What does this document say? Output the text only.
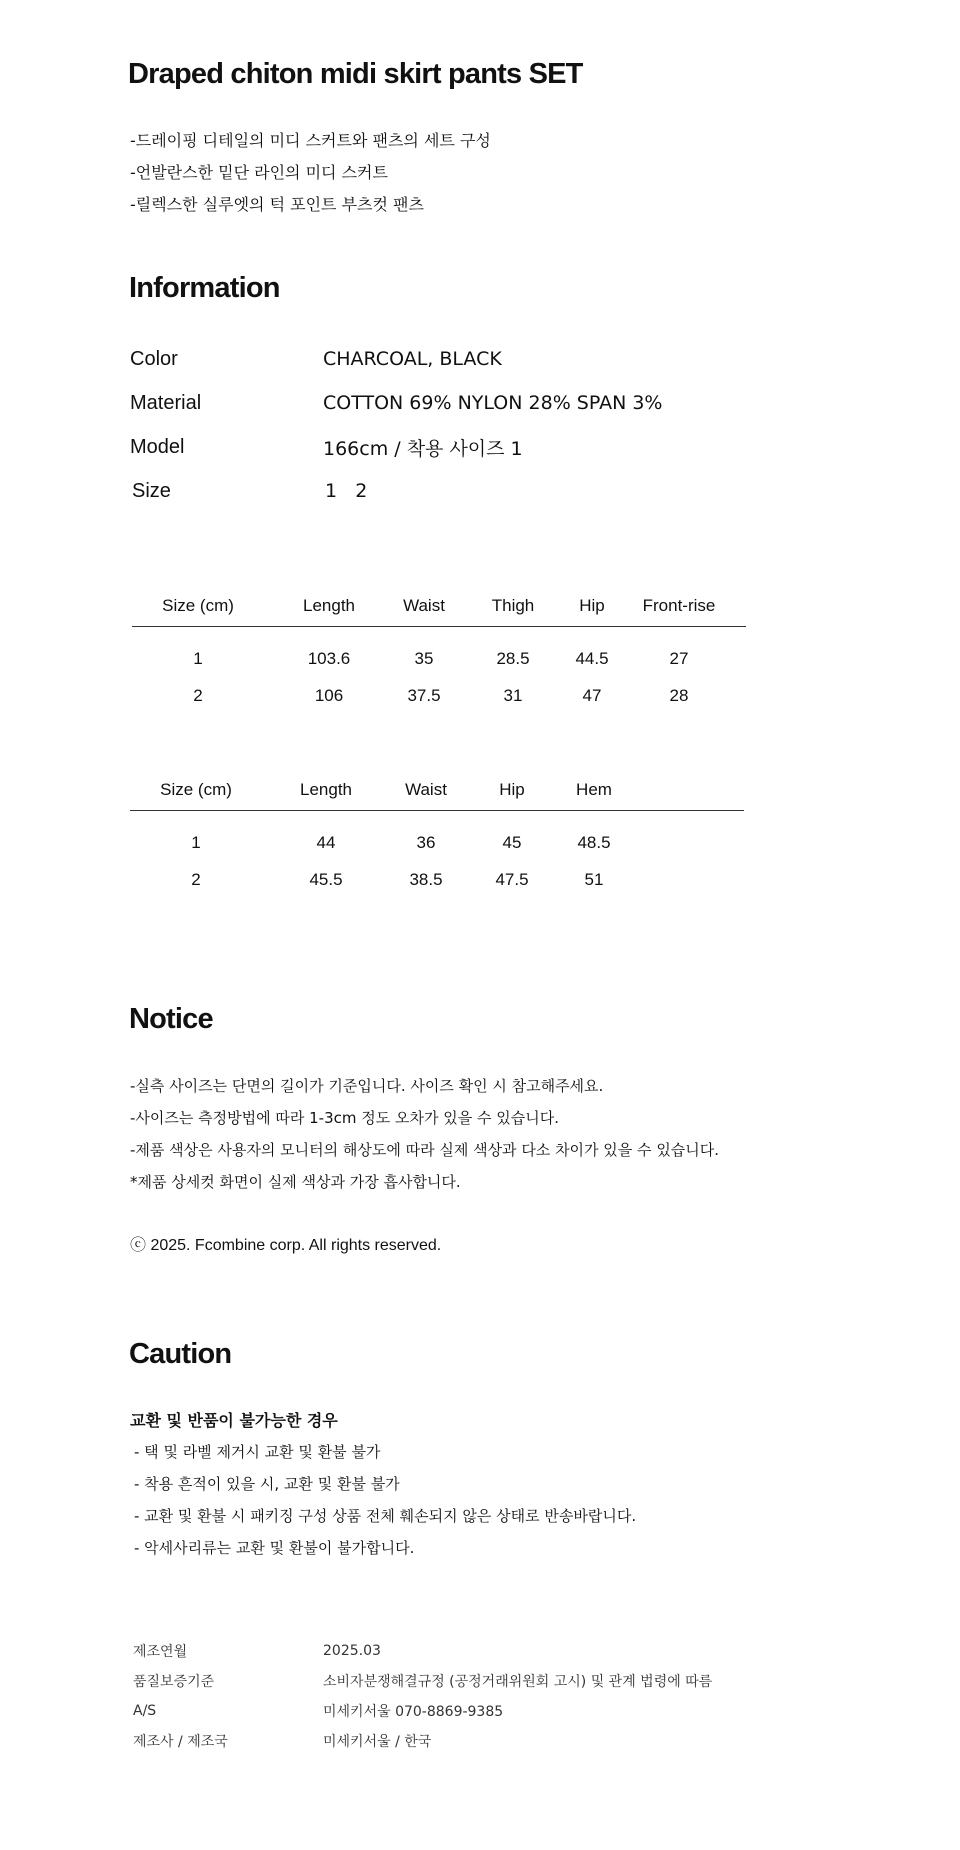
Draped chiton midi skirt pants SET
-드레이핑 디테일의 미디 스커트와 팬츠의 세트 구성
-언발란스한 밑단 라인의 미디 스커트
-릴렉스한 실루엣의 턱 포인트 부츠컷 팬츠
Information
Color	CHARCOAL, BLACK
Material	COTTON 69% NYLON 28% SPAN 3%
Model	166cm / 착용 사이즈 1
Size	1   2
Size (cm)	Length	Waist	Thigh	Hip	Front-rise
1	103.6	35	28.5	44.5	27
2	106	37.5	31	47	28
Size (cm)	Length	Waist	Hip	Hem
1	44	36	45	48.5
2	45.5	38.5	47.5	51
Notice
-실측 사이즈는 단면의 길이가 기준입니다. 사이즈 확인 시 참고해주세요.
-사이즈는 측정방법에 따라 1-3cm 정도 오차가 있을 수 있습니다.
-제품 색상은 사용자의 모니터의 해상도에 따라 실제 색상과 다소 차이가 있을 수 있습니다.
*제품 상세컷 화면이 실제 색상과 가장 흡사합니다.

ⓒ 2025. Fcombine corp. All rights reserved.

Caution

교환 및 반품이 불가능한 경우

- 택 및 라벨 제거시 교환 및 환불 불가
- 착용 흔적이 있을 시, 교환 및 환불 불가
- 교환 및 환불 시 패키징 구성 상품 전체 훼손되지 않은 상태로 반송바랍니다.
- 악세사리류는 교환 및 환불이 불가합니다.
제조연월	2025.03
품질보증기준	소비자분쟁해결규정 (공정거래위원회 고시) 및 관계 법령에 따름
A/S	미세키서울 070-8869-9385
제조사 / 제조국	미세키서울 / 한국
